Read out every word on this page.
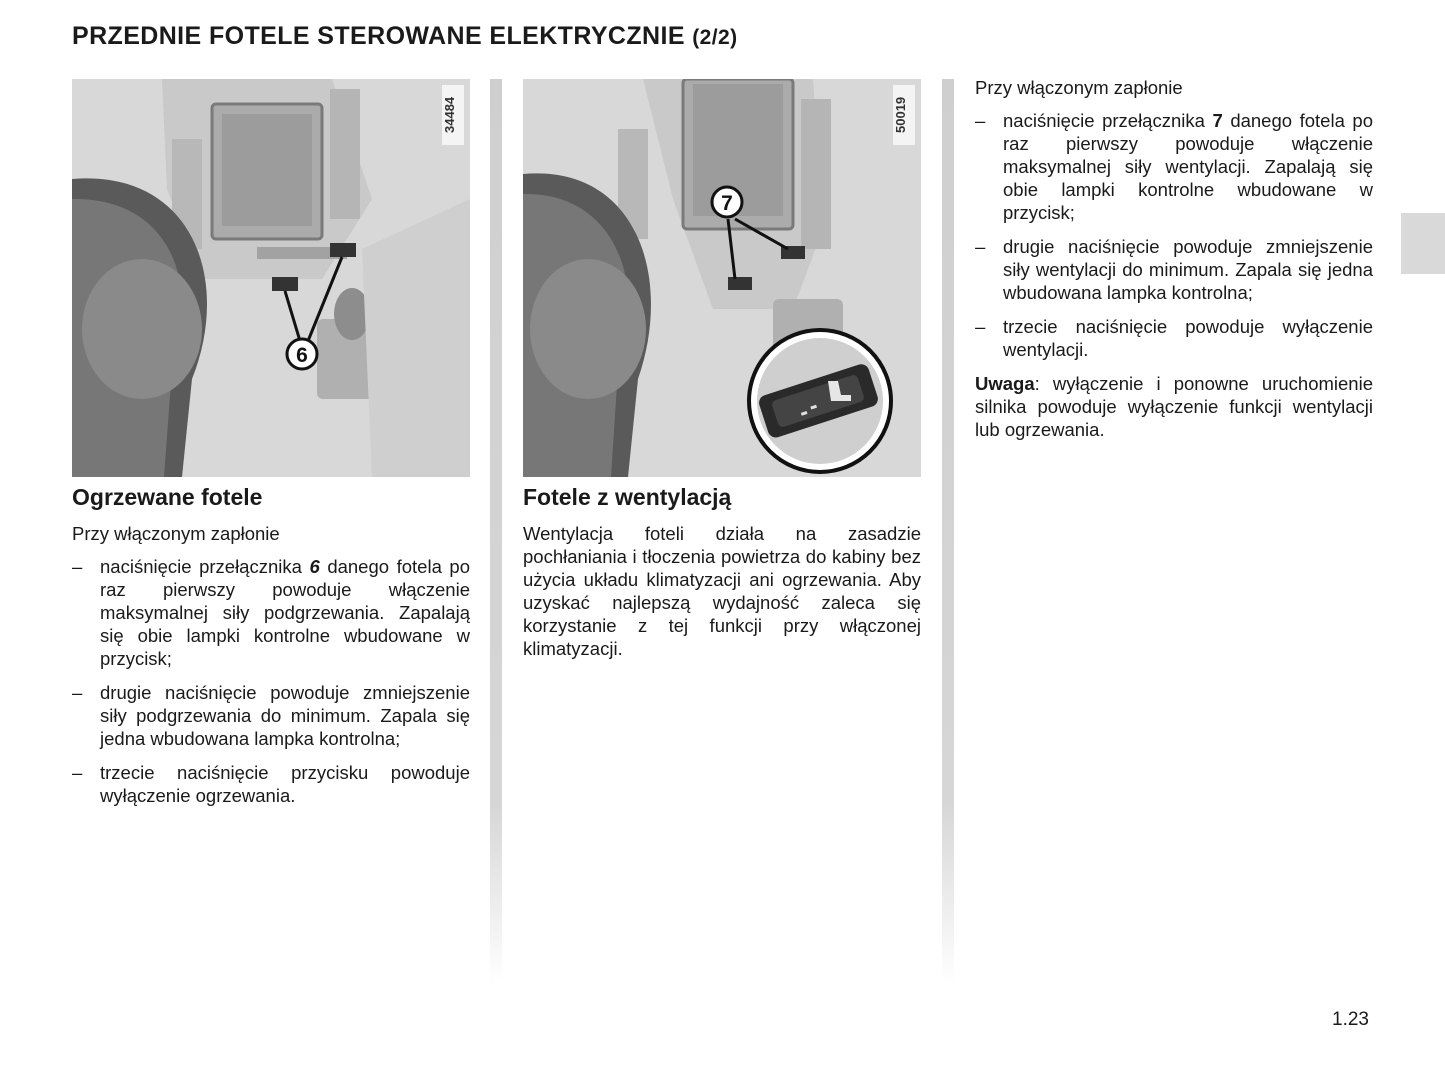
PRZEDNIE FOTELE STEROWANE ELEKTRYCZNIE (2/2)
6
34484
Ogrzewane fotele

Przy włączonym zapłonie

– naciśnięcie przełącznika 6 danego fotela po raz pierwszy powoduje włączenie maksymalnej siły podgrzewania. Zapalają się obie lampki kontrolne wbudowane w przycisk;
– drugie naciśnięcie powoduje zmniejszenie siły podgrzewania do minimum. Zapala się jedna wbudowana lampka kontrolna;
– trzecie naciśnięcie przycisku powoduje wyłączenie ogrzewania.
7
50019
Fotele z wentylacją

Wentylacja foteli działa na zasadzie pochłaniania i tłoczenia powietrza do kabiny bez użycia układu klimatyzacji ani ogrzewania. Aby uzyskać najlepszą wydajność zaleca się korzystanie z tej funkcji przy włączonej klimatyzacji.

Przy włączonym zapłonie

– naciśnięcie przełącznika 7 danego fotela po raz pierwszy powoduje włączenie maksymalnej siły wentylacji. Zapalają się obie lampki kontrolne wbudowane w przycisk;
– drugie naciśnięcie powoduje zmniejszenie siły wentylacji do minimum. Zapala się jedna wbudowana lampka kontrolna;
– trzecie naciśnięcie powoduje wyłączenie wentylacji.

Uwaga: wyłączenie i ponowne uruchomienie silnika powoduje wyłączenie funkcji wentylacji lub ogrzewania.

1.23
